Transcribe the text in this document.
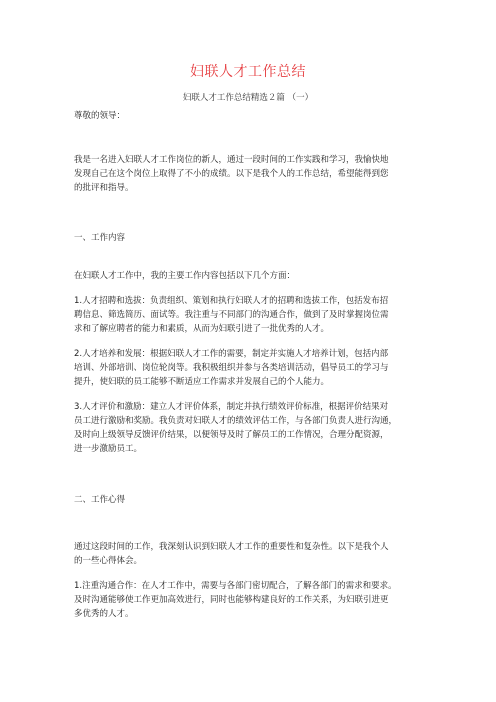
妇联人才工作总结
妇联人才工作总结精选２篇 （一）
尊敬的领导：
我是一名进入妇联人才工作岗位的新人，通过一段时间的工作实践和学习，我愉快地
发现自己在这个岗位上取得了不小的成绩。以下是我个人的工作总结，希望能得到您
的批评和指导。
一、工作内容
在妇联人才工作中，我的主要工作内容包括以下几个方面：
1.人才招聘和选拔：负责组织、策划和执行妇联人才的招聘和选拔工作，包括发布招
聘信息、筛选简历、面试等。我注重与不同部门的沟通合作，做到了及时掌握岗位需
求和了解应聘者的能力和素质，从而为妇联引进了一批优秀的人才。
2.人才培养和发展：根据妇联人才工作的需要，制定并实施人才培养计划，包括内部
培训、外部培训、岗位轮岗等。我积极组织并参与各类培训活动，倡导员工的学习与
提升，使妇联的员工能够不断适应工作需求并发展自己的个人能力。
3.人才评价和激励：建立人才评价体系，制定并执行绩效评价标准，根据评价结果对
员工进行激励和奖励。我负责对妇联人才的绩效评估工作，与各部门负责人进行沟通，
及时向上级领导反馈评价结果，以便领导及时了解员工的工作情况，合理分配资源，
进一步激励员工。
二、工作心得
通过这段时间的工作，我深刻认识到妇联人才工作的重要性和复杂性。以下是我个人
的一些心得体会。
1.注重沟通合作：在人才工作中，需要与各部门密切配合，了解各部门的需求和要求。
及时沟通能够使工作更加高效进行，同时也能够构建良好的工作关系，为妇联引进更
多优秀的人才。
